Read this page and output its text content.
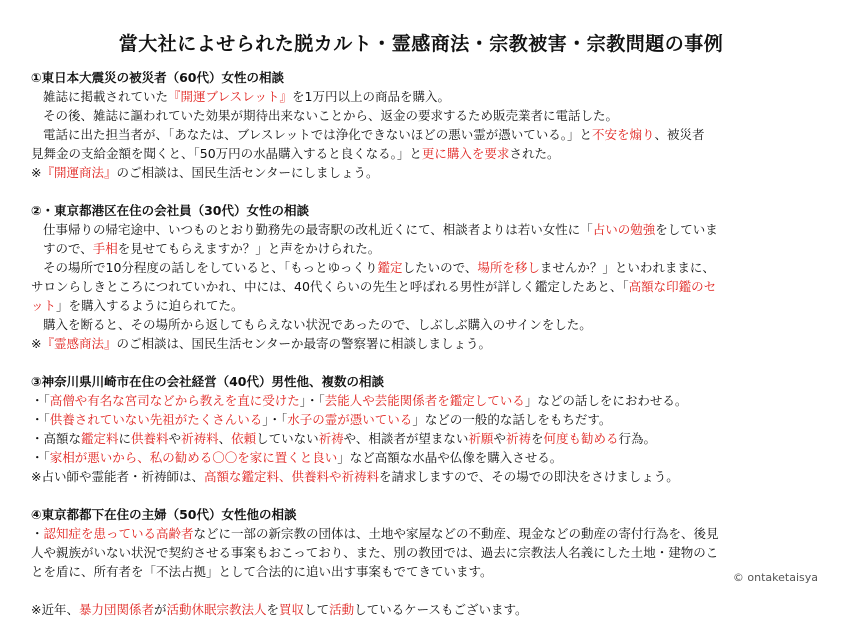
當大社によせられた脱カルト・霊感商法・宗教被害・宗教問題の事例
①東日本大震災の被災者（60代）女性の相談
雑誌に掲載されていた『開運ブレスレット』を1万円以上の商品を購入。
その後、雑誌に謳われていた効果が期待出来ないことから、返金の要求するため販売業者に電話した。
電話に出た担当者が、「あなたは、ブレスレットでは浄化できないほどの悪い霊が憑いている。」と不安を煽り、被災者
見舞金の支給金額を聞くと、「50万円の水晶購入すると良くなる。」と更に購入を要求された。
※『開運商法』のご相談は、国民生活センターにしましょう。
②・東京都港区在住の会社員（30代）女性の相談
仕事帰りの帰宅途中、いつものとおり勤務先の最寄駅の改札近くにて、相談者よりは若い女性に「占いの勉強をしていま
すので、手相を見せてもらえますか？」と声をかけられた。
その場所で10分程度の話しをしていると、「もっとゆっくり鑑定したいので、場所を移しませんか？」といわれままに、
サロンらしきところにつれていかれ、中には、40代くらいの先生と呼ばれる男性が詳しく鑑定したあと、「高額な印鑑のセ
ット」を購入するように迫られてた。
購入を断ると、その場所から返してもらえない状況であったので、しぶしぶ購入のサインをした。
※『霊感商法』のご相談は、国民生活センターか最寄の警察署に相談しましょう。
③神奈川県川崎市在住の会社経営（40代）男性他、複数の相談
・「高僧や有名な宮司などから教えを直に受けた」・「芸能人や芸能関係者を鑑定している」などの話しをにおわせる。
・「供養されていない先祖がたくさんいる」・「水子の霊が憑いている」などの一般的な話しをもちだす。
・高額な鑑定料に供養料や祈祷料、依頼していない祈祷や、相談者が望まない祈願や祈祷を何度も勧める行為。
・「家相が悪いから、私の勧める〇〇を家に置くと良い」など高額な水晶や仏像を購入させる。
※占い師や霊能者・祈祷師は、高額な鑑定料、供養料や祈祷料を請求しますので、その場での即決をさけましょう。
④東京都都下在住の主婦（50代）女性他の相談
・認知症を患っている高齢者などに一部の新宗教の団体は、土地や家屋などの不動産、現金などの動産の寄付行為を、後見
人や親族がいない状況で契約させる事案もおこっており、また、別の教団では、過去に宗教法人名義にした土地・建物のこ
とを盾に、所有者を「不法占拠」として合法的に追い出す事案もでてきています。
※近年、暴力団関係者が活動休眠宗教法人を買収して活動しているケースもございます。
© ontaketaisya
